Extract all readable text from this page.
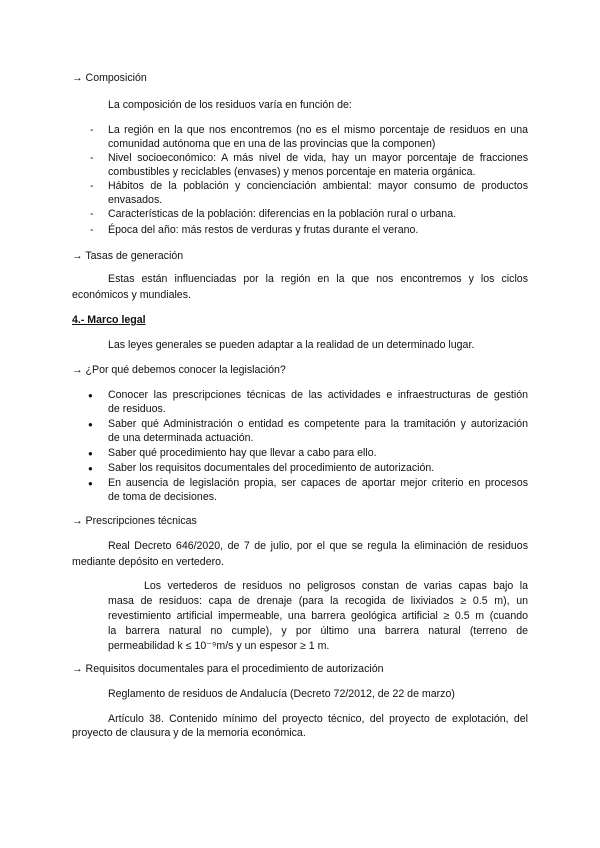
→ Composición
La composición de los residuos varía en función de:
- La región en la que nos encontremos (no es el mismo porcentaje de residuos en una
comunidad autónoma que en una de las provincias que la componen)
- Nivel socioeconómico: A más nivel de vida, hay un mayor porcentaje de fracciones
combustibles y reciclables (envases) y menos porcentaje en materia orgánica.
- Hábitos de la población y concienciación ambiental: mayor consumo de productos
envasados.
- Características de la población: diferencias en la población rural o urbana.
- Época del año: más restos de verduras y frutas durante el verano.
→ Tasas de generación
Estas están influenciadas por la región en la que nos encontremos y los ciclos
económicos y mundiales.
4.- Marco legal
Las leyes generales se pueden adaptar a la realidad de un determinado lugar.
→ ¿Por qué debemos conocer la legislación?
● Conocer las prescripciones técnicas de las actividades e infraestructuras de gestión
de residuos.
● Saber qué Administración o entidad es competente para la tramitación y autorización
de una determinada actuación.
● Saber qué procedimiento hay que llevar a cabo para ello.
● Saber los requisitos documentales del procedimiento de autorización.
● En ausencia de legislación propia, ser capaces de aportar mejor criterio en procesos
de toma de decisiones.
→ Prescripciones técnicas
Real Decreto 646/2020, de 7 de julio, por el que se regula la eliminación de residuos
mediante depósito en vertedero.
Los vertederos de residuos no peligrosos constan de varias capas bajo la
masa de residuos: capa de drenaje (para la recogida de lixiviados ≥ 0.5 m), un
revestimiento artificial impermeable, una barrera geológica artificial ≥ 0.5 m (cuando
la barrera natural no cumple), y por último una barrera natural (terreno de
permeabilidad k ≤ 10⁻⁹m/s y un espesor ≥ 1 m.
→ Requisitos documentales para el procedimiento de autorización
Reglamento de residuos de Andalucía (Decreto 72/2012, de 22 de marzo)
Artículo 38. Contenido mínimo del proyecto técnico, del proyecto de explotación, del
proyecto de clausura y de la memoria económica.
